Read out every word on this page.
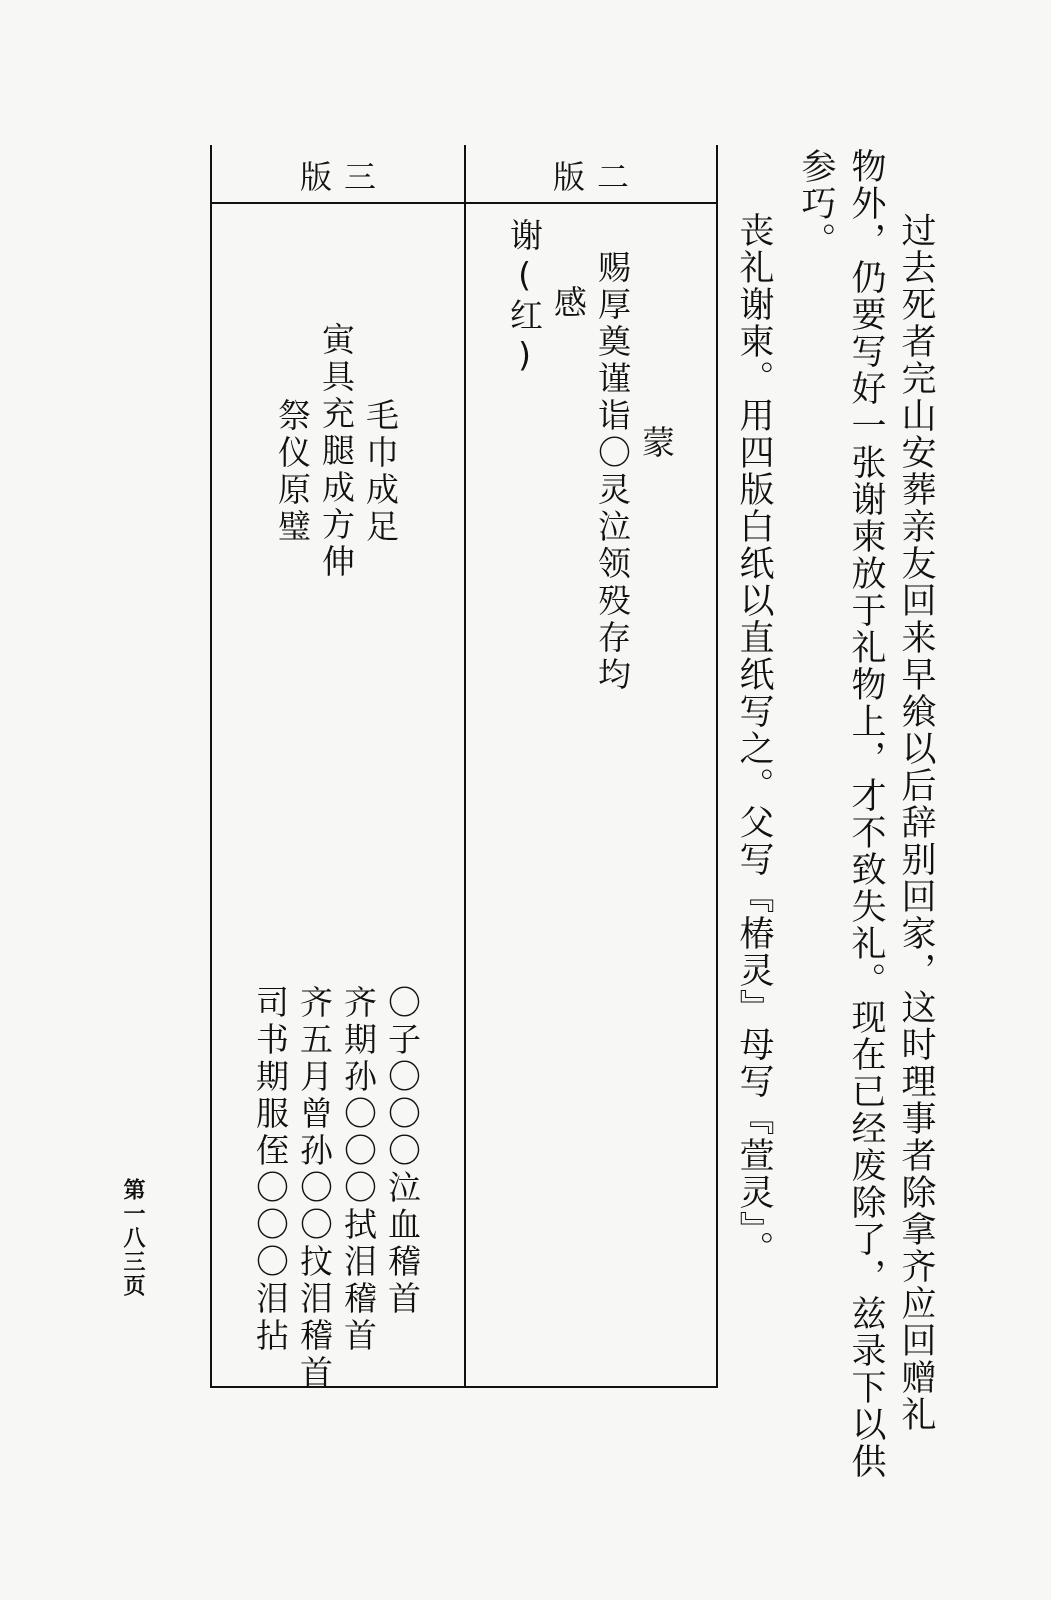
过去死者完山安葬亲友回来早飨以后辞别回家，这时理事者除拿齐应回赠礼
物外，仍要写好一张谢柬放于礼物上，才不致失礼。现在已经废除了，兹录下以供
参巧。
丧礼谢柬。用四版白纸以直纸写之。父写『椿灵』母写『萱灵』。
版二
版三
蒙
赐厚奠谨诣〇灵泣领殁存均
感
谢(红)
毛巾成足
寅具充腿成方伸
祭仪原璧
〇子〇〇〇泣血稽首
齐期孙〇〇〇拭泪稽首
齐五月曾孙〇〇抆泪稽首
司书期服侄〇〇〇泪拈
第一八三页
